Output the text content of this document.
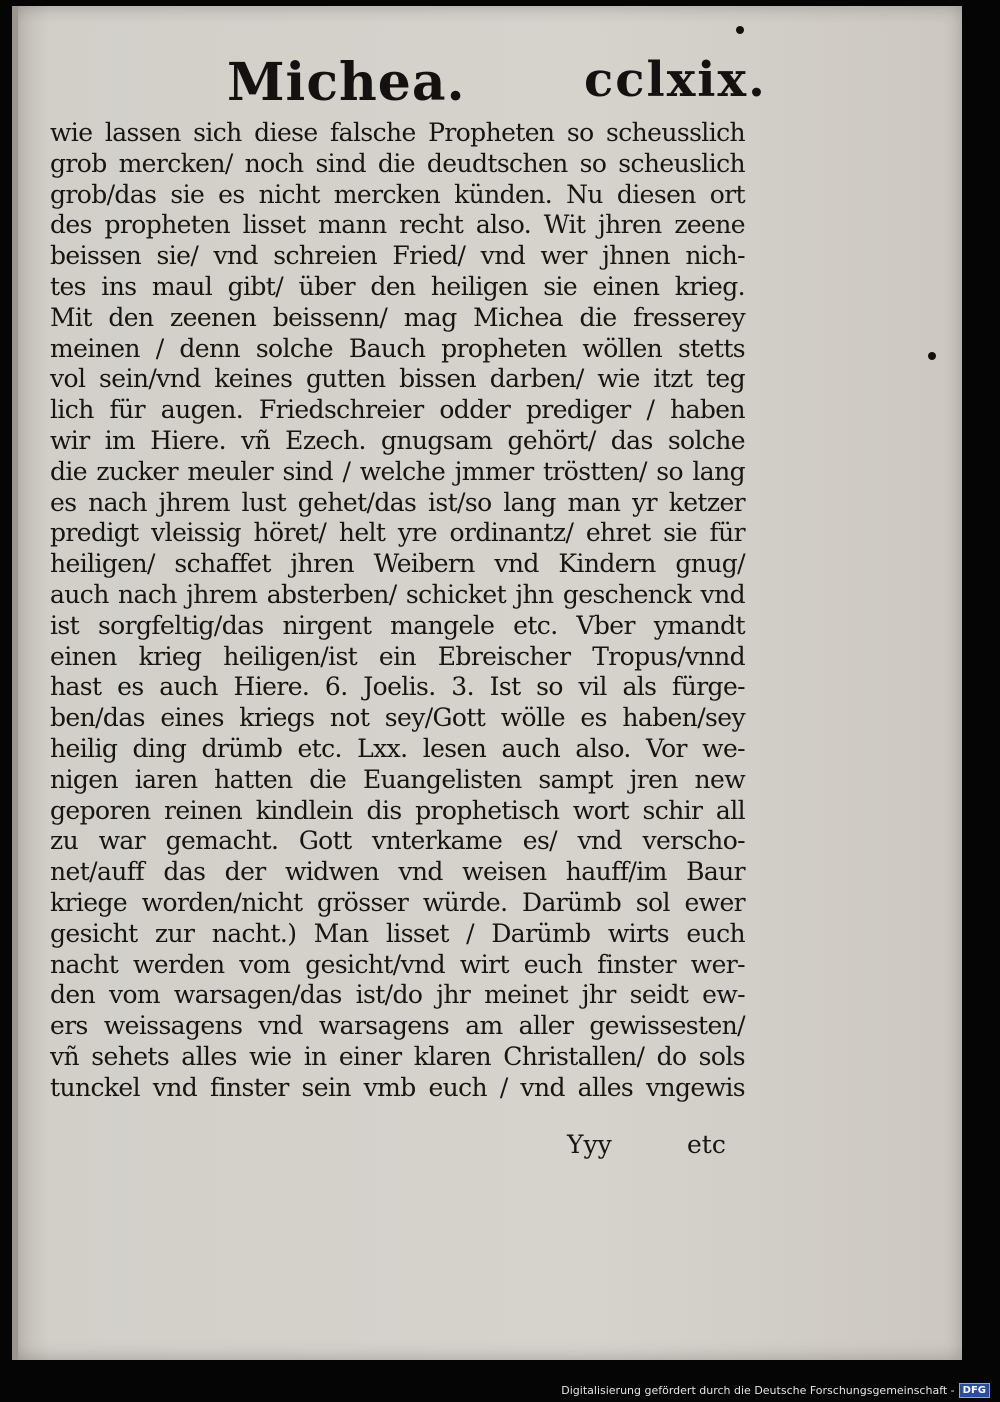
Michea. cclxix.
wie lassen sich diese falsche Propheten so scheusslich
grob mercken/ noch sind die deudtschen so scheuslich
grob/das sie es nicht mercken künden. Nu diesen ort
des propheten lisset mann recht also. Wit jhren zeene
beissen sie/ vnd schreien Fried/ vnd wer jhnen nich-
tes ins maul gibt/ über den heiligen sie einen krieg.
Mit den zeenen beissenn/ mag Michea die fresserey
meinen / denn solche Bauch propheten wöllen stetts
vol sein/vnd keines gutten bissen darben/ wie itzt teg
lich für augen. Friedschreier odder prediger / haben
wir im Hiere. vñ Ezech. gnugsam gehört/ das solche
die zucker meuler sind / welche jmmer tröstten/ so lang
es nach jhrem lust gehet/das ist/so lang man yr ketzer
predigt vleissig höret/ helt yre ordinantz/ ehret sie für
heiligen/ schaffet jhren Weibern vnd Kindern gnug/
auch nach jhrem absterben/ schicket jhn geschenck vnd
ist sorgfeltig/das nirgent mangele etc. Vber ymandt
einen krieg heiligen/ist ein Ebreischer Tropus/vnnd
hast es auch Hiere. 6. Joelis. 3. Ist so vil als fürge-
ben/das eines kriegs not sey/Gott wölle es haben/sey
heilig ding drümb etc. Lxx. lesen auch also. Vor we-
nigen iaren hatten die Euangelisten sampt jren new
geporen reinen kindlein dis prophetisch wort schir all
zu war gemacht. Gott vnterkame es/ vnd verscho-
net/auff das der widwen vnd weisen hauff/im Baur
kriege worden/nicht grösser würde. Darümb sol ewer
gesicht zur nacht.) Man lisset / Darümb wirts euch
nacht werden vom gesicht/vnd wirt euch finster wer-
den vom warsagen/das ist/do jhr meinet jhr seidt ew-
ers weissagens vnd warsagens am aller gewissesten/
vñ sehets alles wie in einer klaren Christallen/ do sols
tunckel vnd finster sein vmb euch / vnd alles vngewis
Yyy	etc
Digitalisierung gefördert durch die Deutsche Forschungsgemeinschaft - DFG
